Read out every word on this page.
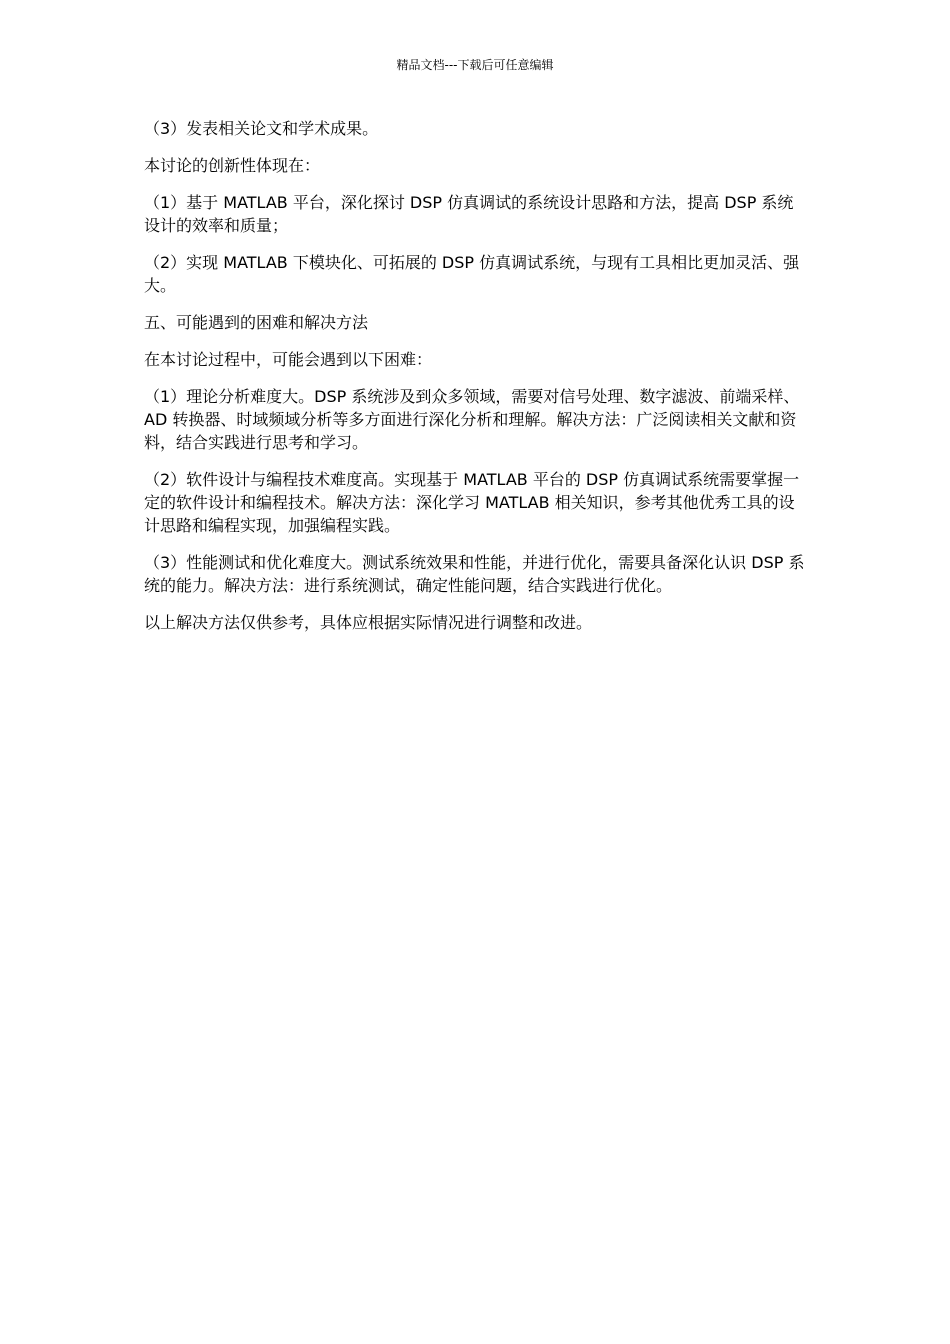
精品文档---下载后可任意编辑

（3）发表相关论文和学术成果。

本讨论的创新性体现在：

（1）基于 MATLAB 平台，深化探讨 DSP 仿真调试的系统设计思路和方法，提高 DSP 系统设计的效率和质量；

（2）实现 MATLAB 下模块化、可拓展的 DSP 仿真调试系统，与现有工具相比更加灵活、强大。

五、可能遇到的困难和解决方法

在本讨论过程中，可能会遇到以下困难：

（1）理论分析难度大。DSP 系统涉及到众多领域，需要对信号处理、数字滤波、前端采样、AD 转换器、时域频域分析等多方面进行深化分析和理解。解决方法：广泛阅读相关文献和资料，结合实践进行思考和学习。

（2）软件设计与编程技术难度高。实现基于 MATLAB 平台的 DSP 仿真调试系统需要掌握一定的软件设计和编程技术。解决方法：深化学习 MATLAB 相关知识，参考其他优秀工具的设计思路和编程实现，加强编程实践。

（3）性能测试和优化难度大。测试系统效果和性能，并进行优化，需要具备深化认识 DSP 系统的能力。解决方法：进行系统测试，确定性能问题，结合实践进行优化。

以上解决方法仅供参考，具体应根据实际情况进行调整和改进。
